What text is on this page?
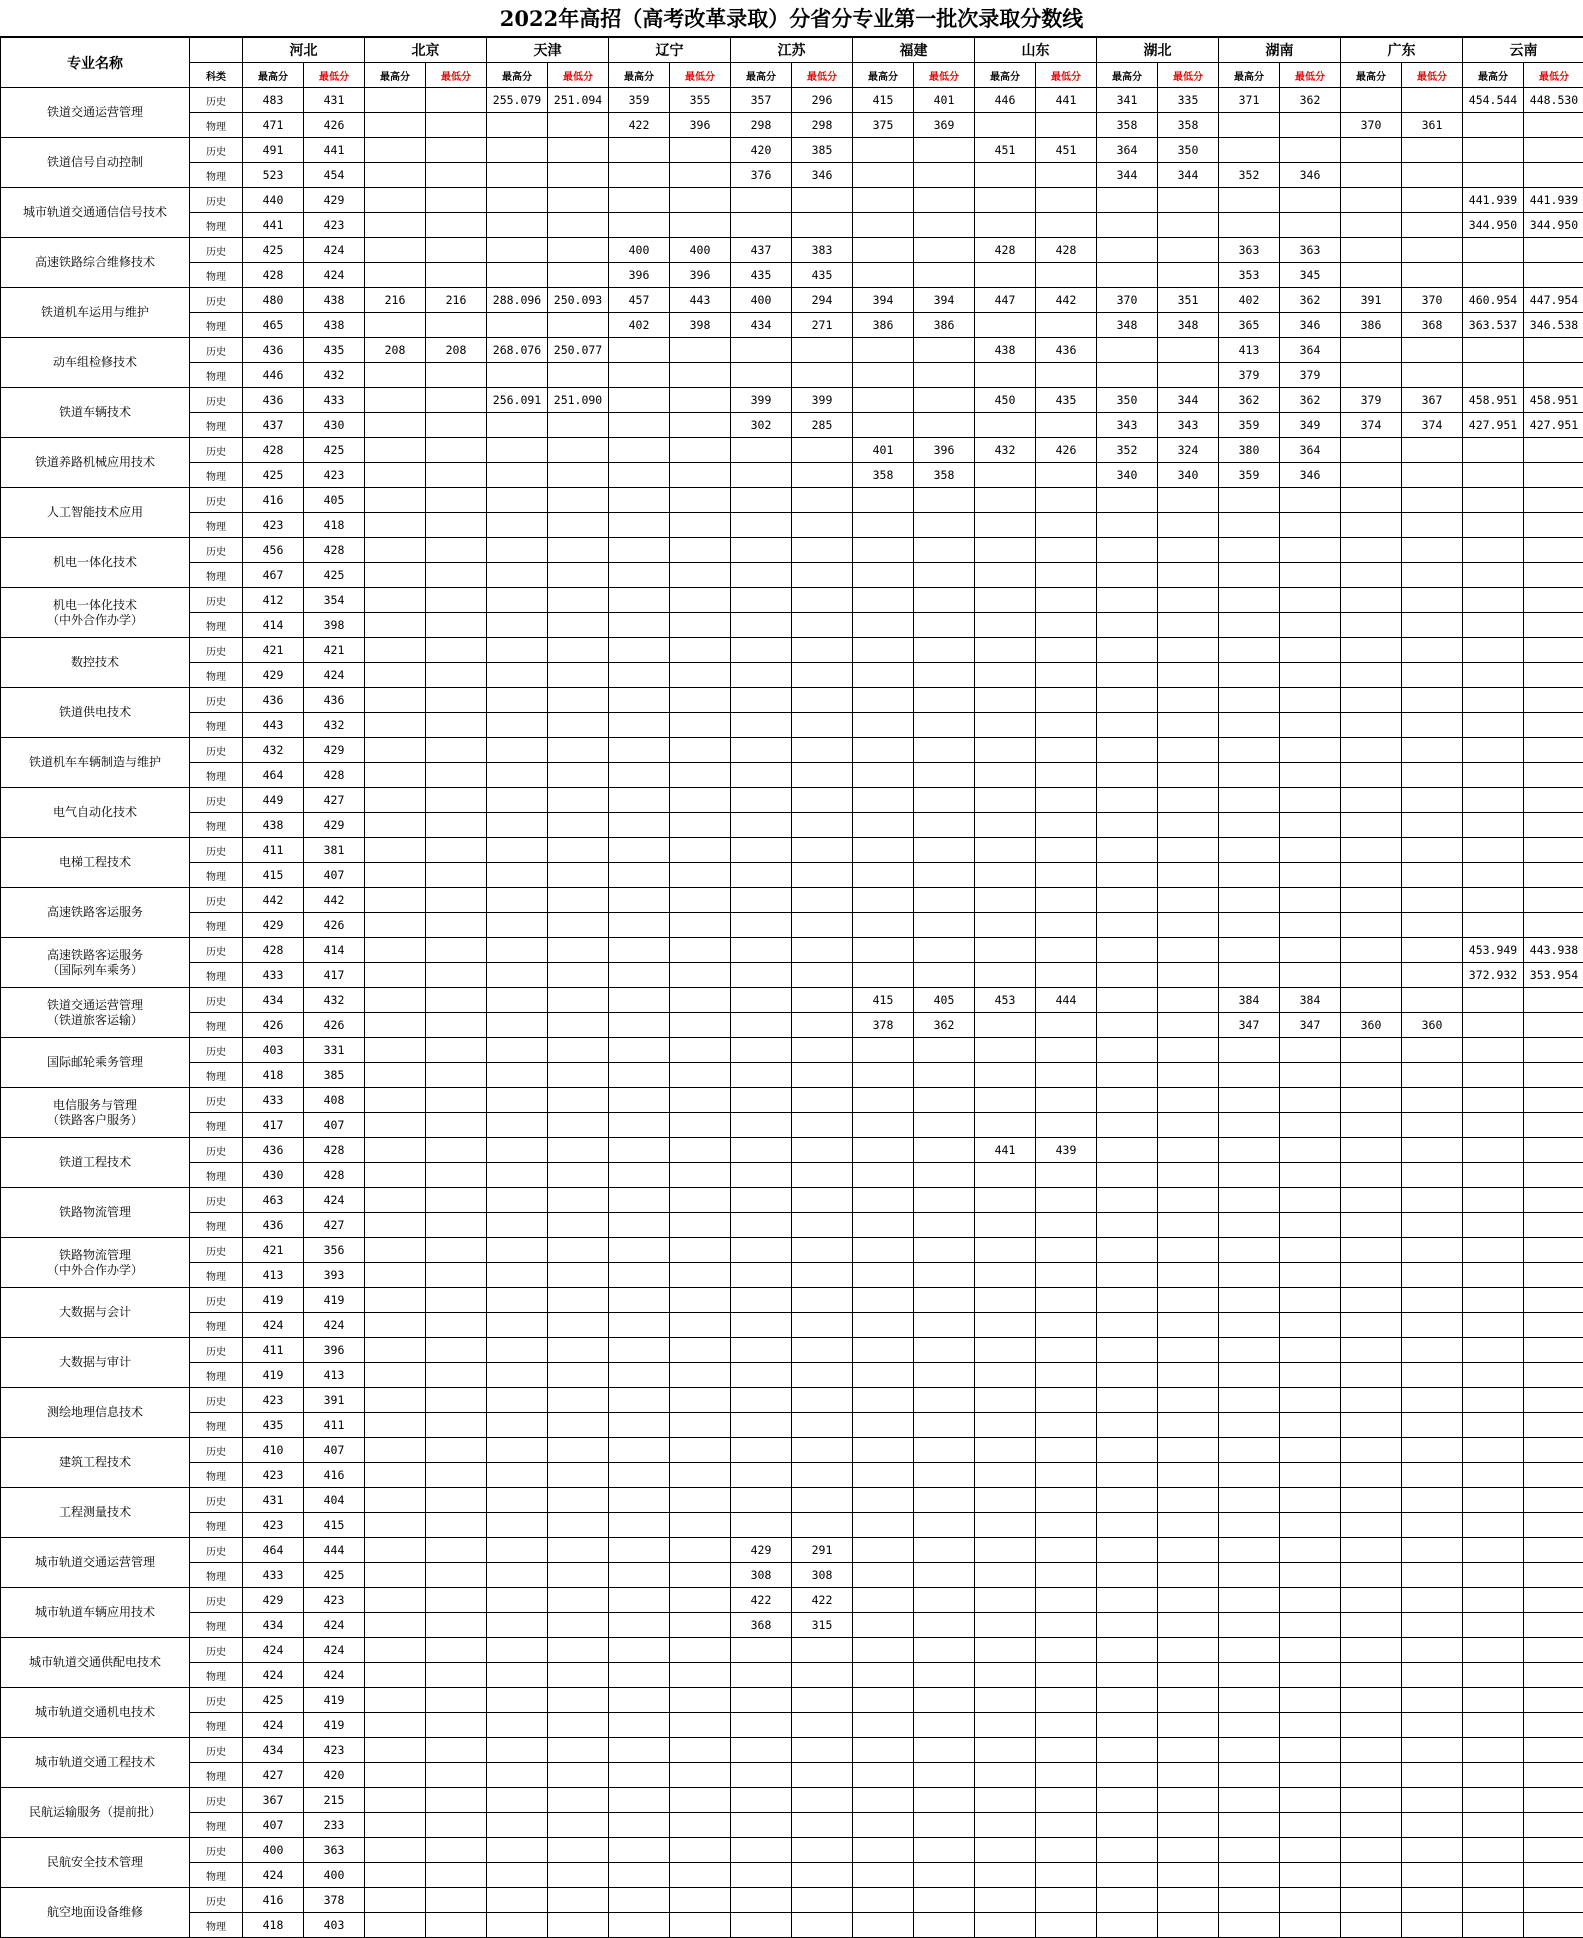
2022年高招（高考改革录取）分省分专业第一批次录取分数线
专业名称		河北		北京		天津		辽宁		江苏		福建		山东		湖北		湖南		广东		云南	
	科类	最高分	最低分	最高分	最低分	最高分	最低分	最高分	最低分	最高分	最低分	最高分	最低分	最高分	最低分	最高分	最低分	最高分	最低分	最高分	最低分	最高分	最低分

铁道交通运营管理	历史	483	431			255.079	251.094	359	355	357	296	415	401	446	441	341	335	371	362			454.544	448.530
	物理	471	426					422	396	298	298	375	369			358	358			370	361		

铁道信号自动控制	历史	491	441							420	385			451	451	364	350						
	物理	523	454							376	346					344	344	352	346				

城市轨道交通通信信号技术	历史	440	429																			441.939	441.939
	物理	441	423																			344.950	344.950

高速铁路综合维修技术	历史	425	424					400	400	437	383			428	428			363	363				
	物理	428	424					396	396	435	435							353	345				

铁道机车运用与维护	历史	480	438	216	216	288.096	250.093	457	443	400	294	394	394	447	442	370	351	402	362	391	370	460.954	447.954
	物理	465	438					402	398	434	271	386	386			348	348	365	346	386	368	363.537	346.538

动车组检修技术	历史	436	435	208	208	268.076	250.077							438	436			413	364				
	物理	446	432															379	379				

铁道车辆技术	历史	436	433			256.091	251.090			399	399			450	435	350	344	362	362	379	367	458.951	458.951
	物理	437	430							302	285					343	343	359	349	374	374	427.951	427.951

铁道养路机械应用技术	历史	428	425									401	396	432	426	352	324	380	364				
	物理	425	423									358	358			340	340	359	346				

人工智能技术应用	历史	416	405																				
	物理	423	418																				

机电一体化技术	历史	456	428																				
	物理	467	425																				

机电一体化技术
（中外合作办学）	历史	412	354																				
	物理	414	398																				

数控技术	历史	421	421																				
	物理	429	424																				

铁道供电技术	历史	436	436																				
	物理	443	432																				

铁道机车车辆制造与维护	历史	432	429																				
	物理	464	428																				

电气自动化技术	历史	449	427																				
	物理	438	429																				

电梯工程技术	历史	411	381																				
	物理	415	407																				

高速铁路客运服务	历史	442	442																				
	物理	429	426																				

高速铁路客运服务
（国际列车乘务）	历史	428	414																			453.949	443.938
	物理	433	417																			372.932	353.954

铁道交通运营管理
（铁道旅客运输）	历史	434	432									415	405	453	444			384	384				
	物理	426	426									378	362					347	347	360	360		

国际邮轮乘务管理	历史	403	331																				
	物理	418	385																				

电信服务与管理
（铁路客户服务）	历史	433	408																				
	物理	417	407																				

铁道工程技术	历史	436	428											441	439								
	物理	430	428																				

铁路物流管理	历史	463	424																				
	物理	436	427																				

铁路物流管理
（中外合作办学）	历史	421	356																				
	物理	413	393																				

大数据与会计	历史	419	419																				
	物理	424	424																				

大数据与审计	历史	411	396																				
	物理	419	413																				

测绘地理信息技术	历史	423	391																				
	物理	435	411																				

建筑工程技术	历史	410	407																				
	物理	423	416																				

工程测量技术	历史	431	404																				
	物理	423	415																				

城市轨道交通运营管理	历史	464	444							429	291												
	物理	433	425							308	308												

城市轨道车辆应用技术	历史	429	423							422	422												
	物理	434	424							368	315												

城市轨道交通供配电技术	历史	424	424																				
	物理	424	424																				

城市轨道交通机电技术	历史	425	419																				
	物理	424	419																				

城市轨道交通工程技术	历史	434	423																				
	物理	427	420																				

民航运输服务（提前批）	历史	367	215																				
	物理	407	233																				

民航安全技术管理	历史	400	363																				
	物理	424	400																				

航空地面设备维修	历史	416	378																				
	物理	418	403																				
